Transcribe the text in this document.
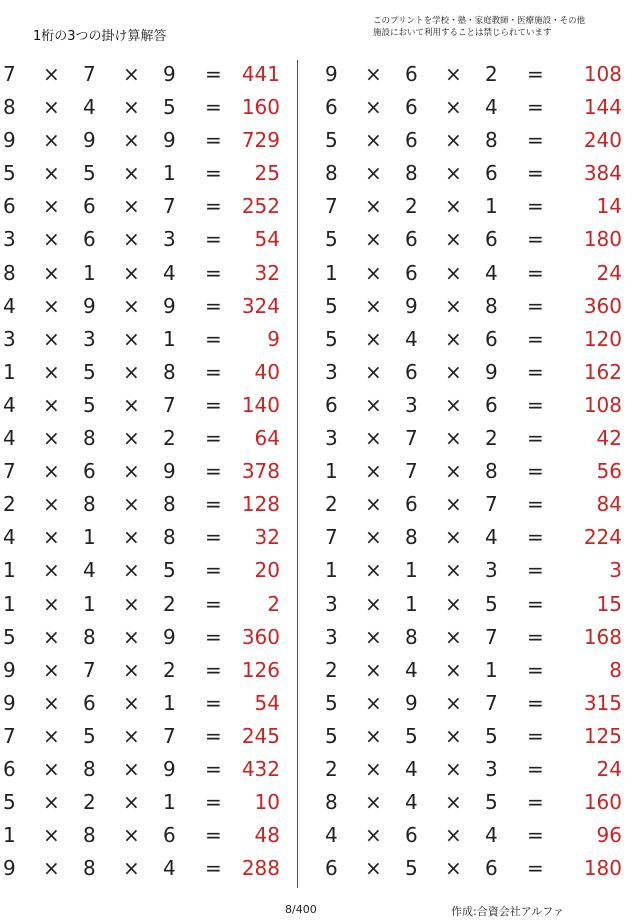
1桁の3つの掛け算解答
このプリントを学校・塾・家庭教師・医療施設・その他
施設において利用することは禁じられています
7 × 7 × 9 = 441
8 × 4 × 5 = 160
9 × 9 × 9 = 729
5 × 5 × 1 = 25
6 × 6 × 7 = 252
3 × 6 × 3 = 54
8 × 1 × 4 = 32
4 × 9 × 9 = 324
3 × 3 × 1 = 9
1 × 5 × 8 = 40
4 × 5 × 7 = 140
4 × 8 × 2 = 64
7 × 6 × 9 = 378
2 × 8 × 8 = 128
4 × 1 × 8 = 32
1 × 4 × 5 = 20
1 × 1 × 2 = 2
5 × 8 × 9 = 360
9 × 7 × 2 = 126
9 × 6 × 1 = 54
7 × 5 × 7 = 245
6 × 8 × 9 = 432
5 × 2 × 1 = 10
1 × 8 × 6 = 48
9 × 8 × 4 = 288
9 × 6 × 2 = 108
6 × 6 × 4 = 144
5 × 6 × 8 = 240
8 × 8 × 6 = 384
7 × 2 × 1 =	14
5 × 6 × 6 = 180
1 × 6 × 4 =	24
5 × 9 × 8 = 360
5 × 4 × 6 = 120
3 × 6 × 9 = 162
6 × 3 × 6 = 108
3 × 7 × 2 =	42
1 × 7 × 8 =	56
2 × 6 × 7 =	84
7 × 8 × 4 = 224
1 × 1 × 3 =	3
3 × 1 × 5 =	15
3 × 8 × 7 = 168
2 × 4 × 1 =	8
5 × 9 × 7 = 315
5 × 5 × 5 = 125
2 × 4 × 3 =	24
8 × 4 × 5 = 160
4 × 6 × 4 =	96
6 × 5 × 6 = 180
8/400	作成:合資会社アルファ
